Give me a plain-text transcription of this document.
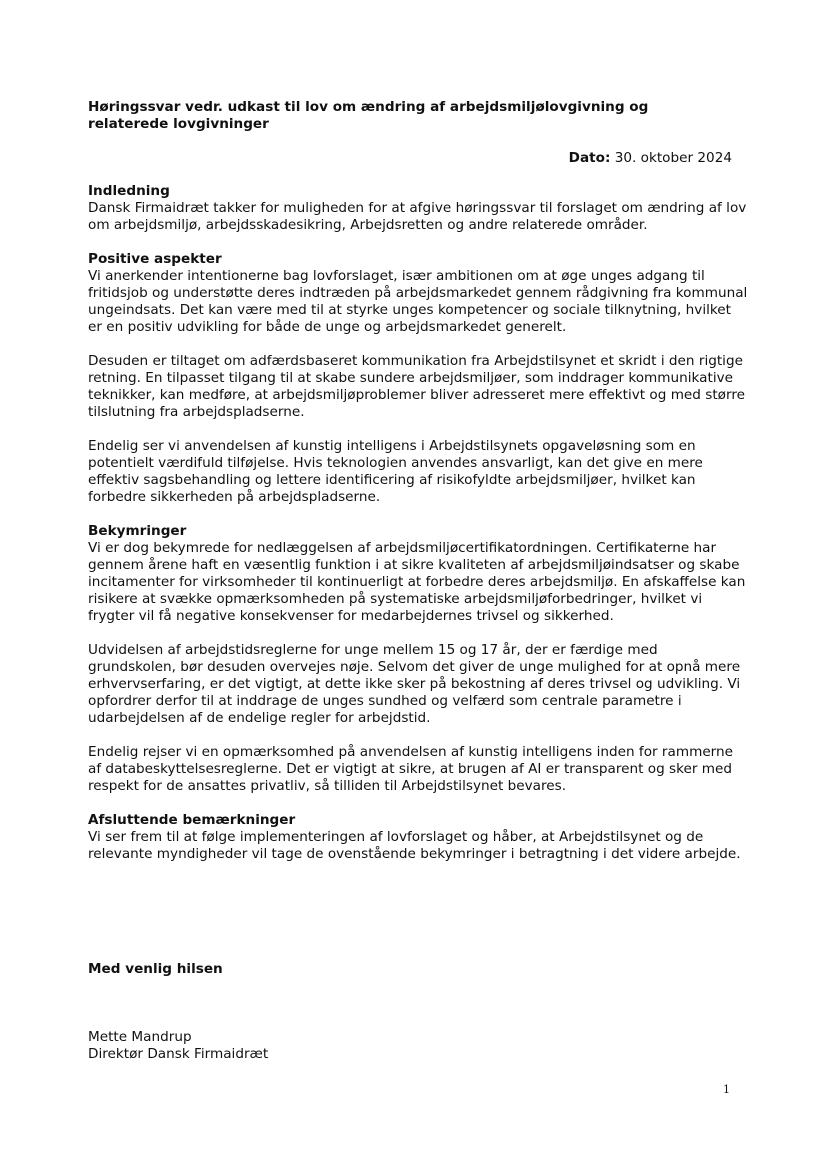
Høringssvar vedr. udkast til lov om ændring af arbejdsmiljølovgivning og relaterede lovgivninger

Dato: 30. oktober 2024

Indledning

Dansk Firmaidræt takker for muligheden for at afgive høringssvar til forslaget om ændring af lov om arbejdsmiljø, arbejdsskadesikring, Arbejdsretten og andre relaterede områder.

Positive aspekter

Vi anerkender intentionerne bag lovforslaget, især ambitionen om at øge unges adgang til fritidsjob og understøtte deres indtræden på arbejdsmarkedet gennem rådgivning fra kommunal ungeindsats. Det kan være med til at styrke unges kompetencer og sociale tilknytning, hvilket er en positiv udvikling for både de unge og arbejdsmarkedet generelt.

Desuden er tiltaget om adfærdsbaseret kommunikation fra Arbejdstilsynet et skridt i den rigtige retning. En tilpasset tilgang til at skabe sundere arbejdsmiljøer, som inddrager kommunikative teknikker, kan medføre, at arbejdsmiljøproblemer bliver adresseret mere effektivt og med større tilslutning fra arbejdspladserne.

Endelig ser vi anvendelsen af kunstig intelligens i Arbejdstilsynets opgaveløsning som en potentielt værdifuld tilføjelse. Hvis teknologien anvendes ansvarligt, kan det give en mere effektiv sagsbehandling og lettere identificering af risikofyldte arbejdsmiljøer, hvilket kan forbedre sikkerheden på arbejdspladserne.

Bekymringer

Vi er dog bekymrede for nedlæggelsen af arbejdsmiljøcertifikatordningen. Certifikaterne har gennem årene haft en væsentlig funktion i at sikre kvaliteten af arbejdsmiljøindsatser og skabe incitamenter for virksomheder til kontinuerligt at forbedre deres arbejdsmiljø. En afskaffelse kan risikere at svække opmærksomheden på systematiske arbejdsmiljøforbedringer, hvilket vi frygter vil få negative konsekvenser for medarbejdernes trivsel og sikkerhed.

Udvidelsen af arbejdstidsreglerne for unge mellem 15 og 17 år, der er færdige med grundskolen, bør desuden overvejes nøje. Selvom det giver de unge mulighed for at opnå mere erhvervserfaring, er det vigtigt, at dette ikke sker på bekostning af deres trivsel og udvikling. Vi opfordrer derfor til at inddrage de unges sundhed og velfærd som centrale parametre i udarbejdelsen af de endelige regler for arbejdstid.

Endelig rejser vi en opmærksomhed på anvendelsen af kunstig intelligens inden for rammerne af databeskyttelsesreglerne. Det er vigtigt at sikre, at brugen af AI er transparent og sker med respekt for de ansattes privatliv, så tilliden til Arbejdstilsynet bevares.

Afsluttende bemærkninger

Vi ser frem til at følge implementeringen af lovforslaget og håber, at Arbejdstilsynet og de relevante myndigheder vil tage de ovenstående bekymringer i betragtning i det videre arbejde.

Med venlig hilsen

Mette Mandrup

Direktør Dansk Firmaidræt

1
